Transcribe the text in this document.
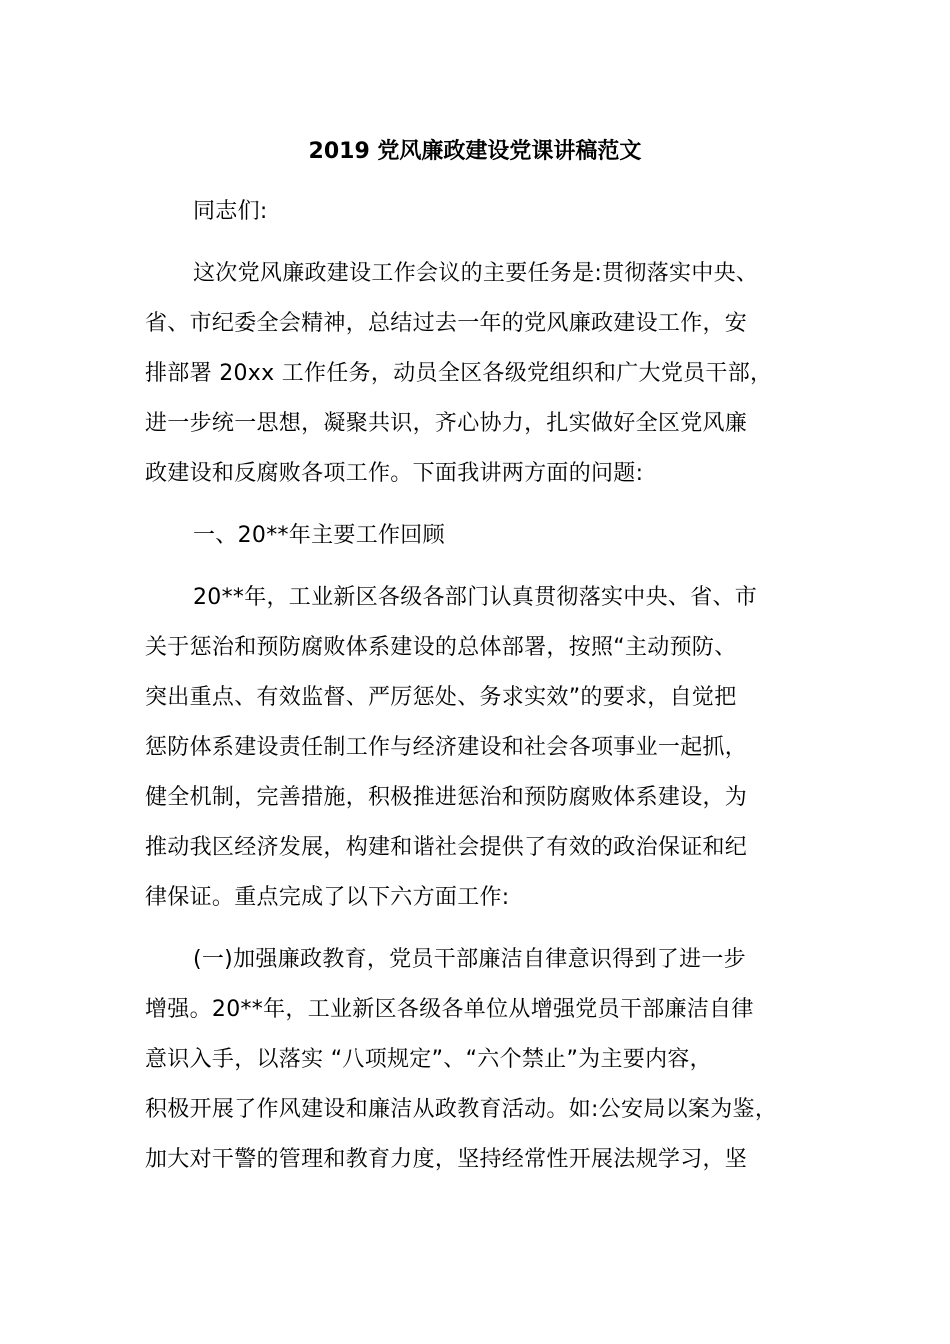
2019 党风廉政建设党课讲稿范文
同志们:
这次党风廉政建设工作会议的主要任务是:贯彻落实中央、
省、市纪委全会精神，总结过去一年的党风廉政建设工作，安
排部署 20xx 工作任务，动员全区各级党组织和广大党员干部，
进一步统一思想，凝聚共识，齐心协力，扎实做好全区党风廉
政建设和反腐败各项工作。下面我讲两方面的问题:
一、20**年主要工作回顾
20**年，工业新区各级各部门认真贯彻落实中央、省、市
关于惩治和预防腐败体系建设的总体部署，按照“主动预防、
突出重点、有效监督、严厉惩处、务求实效”的要求，自觉把
惩防体系建设责任制工作与经济建设和社会各项事业一起抓，
健全机制，完善措施，积极推进惩治和预防腐败体系建设，为
推动我区经济发展，构建和谐社会提供了有效的政治保证和纪
律保证。重点完成了以下六方面工作:
(一)加强廉政教育，党员干部廉洁自律意识得到了进一步
增强。20**年，工业新区各级各单位从增强党员干部廉洁自律
意识入手，以落实 “八项规定”、“六个禁止”为主要内容，
积极开展了作风建设和廉洁从政教育活动。如:公安局以案为鉴，
加大对干警的管理和教育力度，坚持经常性开展法规学习，坚
